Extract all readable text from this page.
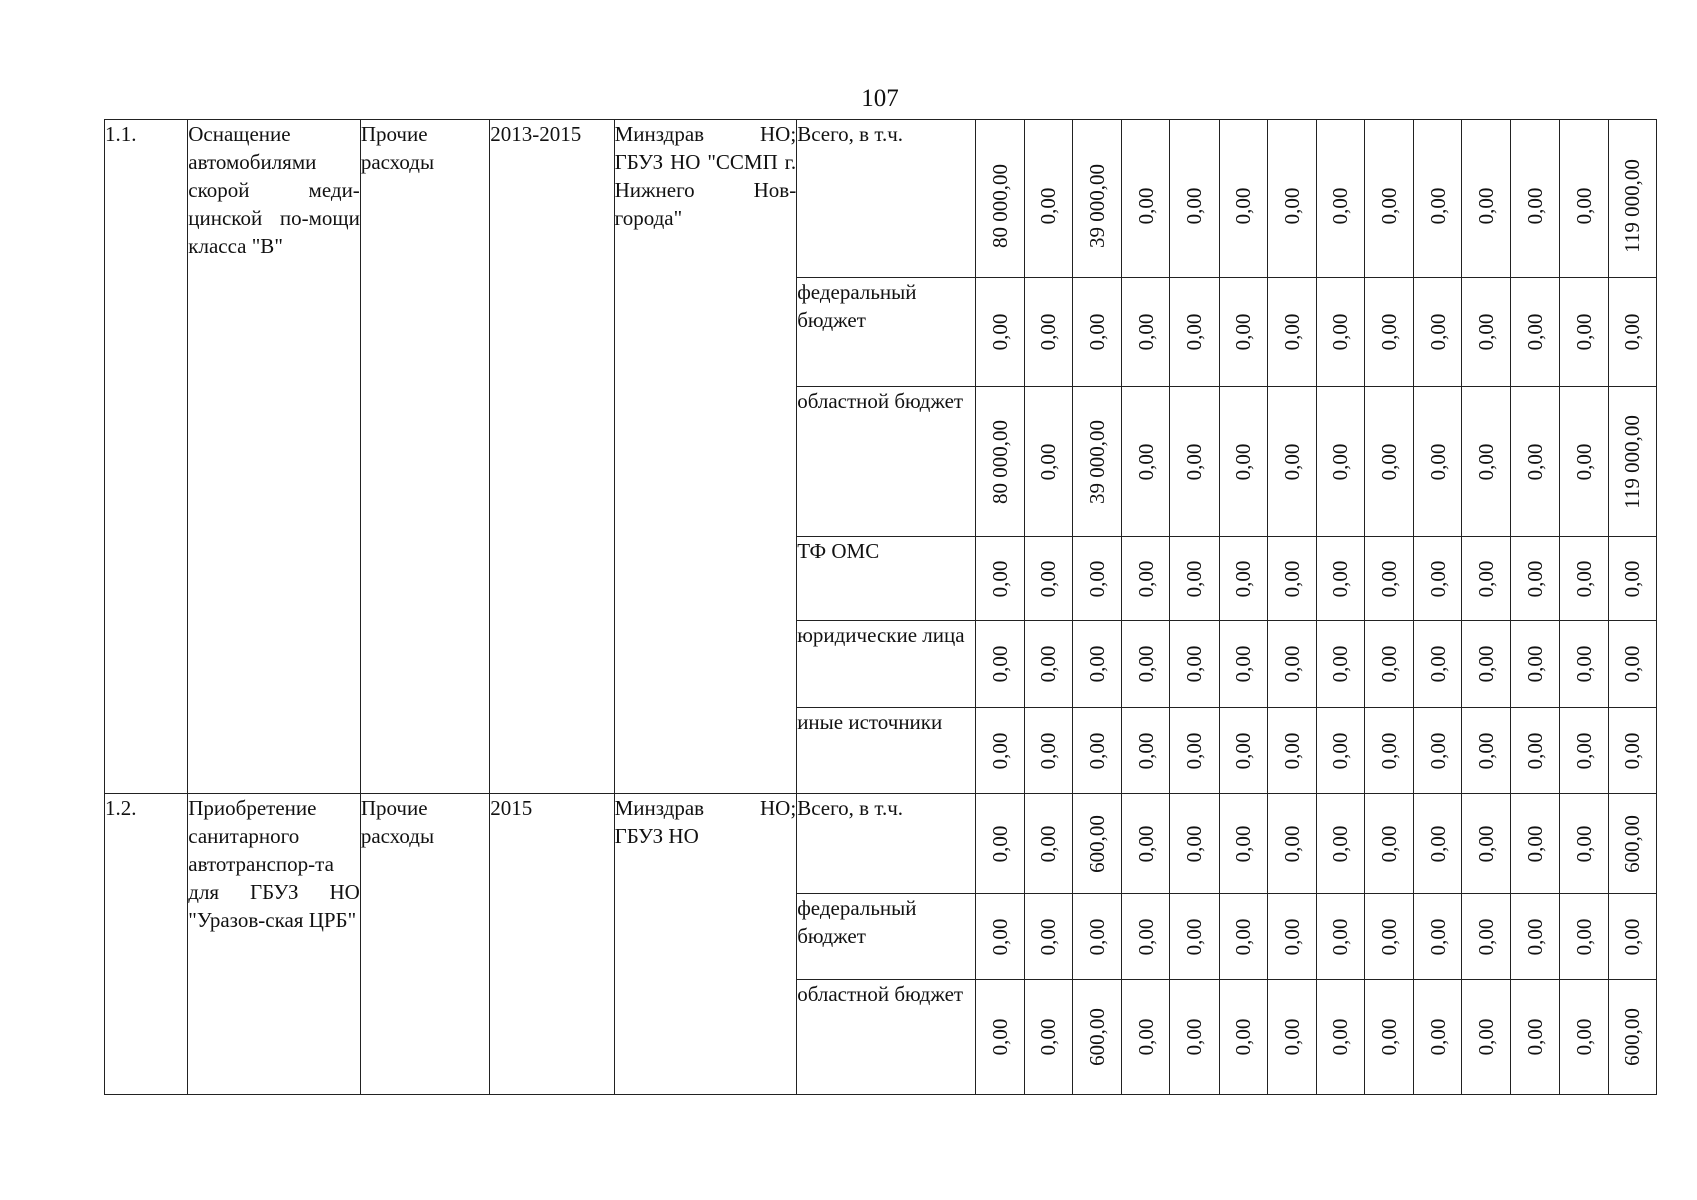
107
1.1.	Оснащение автомобилями скорой меди-цинской по-мощи класса "В"	Прочие расходы	2013-2015	Минздрав НО; ГБУЗ НО "ССМП г. Нижнего Нов-города"	Всего, в т.ч.	80 000,00	0,00	39 000,00	0,00	0,00	0,00	0,00	0,00	0,00	0,00	0,00	0,00	0,00	119 000,00

					федеральный бюджет	0,00	0,00	0,00	0,00	0,00	0,00	0,00	0,00	0,00	0,00	0,00	0,00	0,00	0,00

					областной бюджет	80 000,00	0,00	39 000,00	0,00	0,00	0,00	0,00	0,00	0,00	0,00	0,00	0,00	0,00	119 000,00

					ТФ ОМС	0,00	0,00	0,00	0,00	0,00	0,00	0,00	0,00	0,00	0,00	0,00	0,00	0,00	0,00

					юридические лица	0,00	0,00	0,00	0,00	0,00	0,00	0,00	0,00	0,00	0,00	0,00	0,00	0,00	0,00

					иные источники	0,00	0,00	0,00	0,00	0,00	0,00	0,00	0,00	0,00	0,00	0,00	0,00	0,00	0,00

1.2.	Приобретение санитарного автотранспор-та для ГБУЗ НО "Уразов-ская ЦРБ"	Прочие расходы	2015	Минздрав НО; ГБУЗ НО	Всего, в т.ч.	0,00	0,00	600,00	0,00	0,00	0,00	0,00	0,00	0,00	0,00	0,00	0,00	0,00	600,00

					федеральный бюджет	0,00	0,00	0,00	0,00	0,00	0,00	0,00	0,00	0,00	0,00	0,00	0,00	0,00	0,00

					областной бюджет	0,00	0,00	600,00	0,00	0,00	0,00	0,00	0,00	0,00	0,00	0,00	0,00	0,00	600,00
